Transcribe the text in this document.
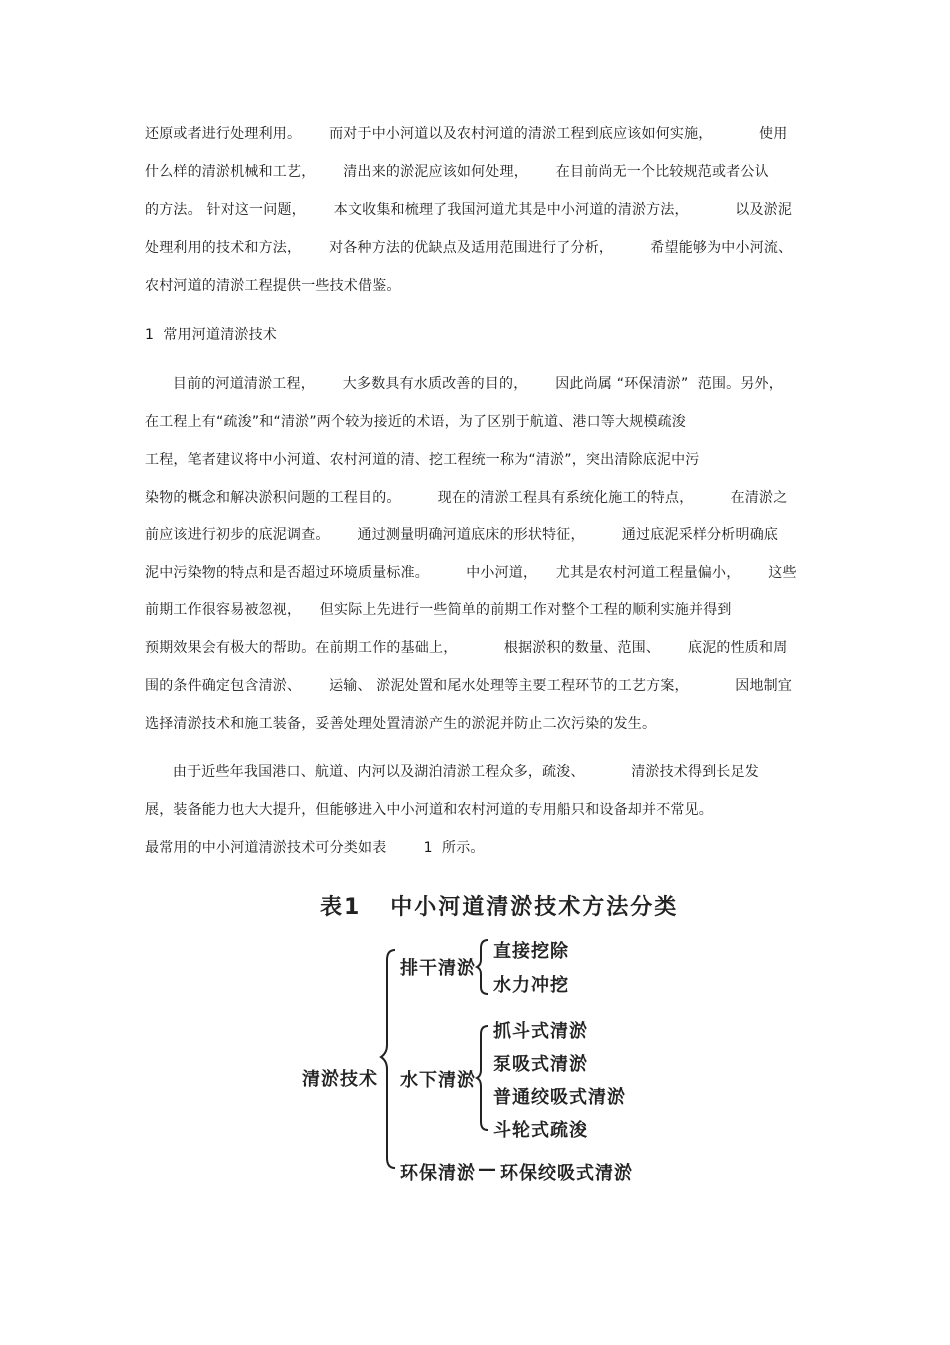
还原或者进行处理利用。      而对于中小河道以及农村河道的清淤工程到底应该如何实施，          使用
什么样的清淤机械和工艺，      清出来的淤泥应该如何处理，      在目前尚无一个比较规范或者公认
的方法。 针对这一问题，      本文收集和梳理了我国河道尤其是中小河道的清淤方法，          以及淤泥
处理利用的技术和方法，      对各种方法的优缺点及适用范围进行了分析，        希望能够为中小河流、
农村河道的清淤工程提供一些技术借鉴。
1  常用河道清淤技术
目前的河道清淤工程，      大多数具有水质改善的目的，      因此尚属 “环保清淤”  范围。另外，
在工程上有“疏浚”和“清淤”两个较为接近的术语，为了区别于航道、港口等大规模疏浚
工程，笔者建议将中小河道、农村河道的清、挖工程统一称为“清淤”，突出清除底泥中污
染物的概念和解决淤积问题的工程目的。        现在的清淤工程具有系统化施工的特点，        在清淤之
前应该进行初步的底泥调查。      通过测量明确河道底床的形状特征，        通过底泥采样分析明确底
泥中污染物的特点和是否超过环境质量标准。        中小河道，    尤其是农村河道工程量偏小，      这些
前期工作很容易被忽视，    但实际上先进行一些简单的前期工作对整个工程的顺利实施并得到
预期效果会有极大的帮助。在前期工作的基础上，          根据淤积的数量、范围、      底泥的性质和周
围的条件确定包含清淤、      运输、 淤泥处置和尾水处理等主要工程环节的工艺方案，          因地制宜
选择清淤技术和施工装备，妥善处理处置清淤产生的淤泥并防止二次污染的发生。
由于近些年我国港口、航道、内河以及湖泊清淤工程众多，疏浚、          清淤技术得到长足发
展，装备能力也大大提升，但能够进入中小河道和农村河道的专用船只和设备却并不常见。
最常用的中小河道清淤技术可分类如表        1  所示。
表1   中小河道清淤技术方法分类
清淤技术
排干清淤
直接挖除
水力冲挖
水下清淤
抓斗式清淤
泵吸式清淤
普通绞吸式清淤
斗轮式疏浚
环保清淤 — 环保绞吸式清淤
